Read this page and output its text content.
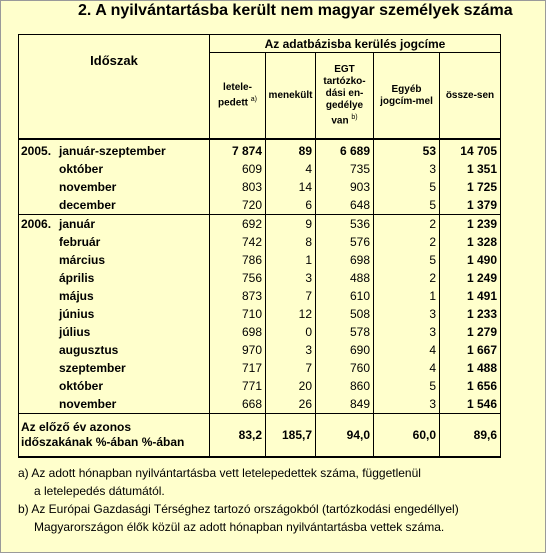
2. A nyilvántartásba került nem magyar személyek száma
Időszak	Az adatbázisba kerülés jogcíme				
	letele-pedett $^{a)}$	menekült	EGT tartózko-dási en-gedélye van $^{b)}$	Egyéb jogcím-mel	össze-sen
2005. január-szeptember	7 874	89	6 689	53	14 705
október	609	4	735	3	1 351
november	803	14	903	5	1 725
december	720	6	648	5	1 379
2006. január	692	9	536	2	1 239
február	742	8	576	2	1 328
március	786	1	698	5	1 490
április	756	3	488	2	1 249
május	873	7	610	1	1 491
június	710	12	508	3	1 233
július	698	0	578	3	1 279
augusztus	970	3	690	4	1 667
szeptember	717	7	760	4	1 488
október	771	20	860	5	1 656
november	668	26	849	3	1 546

Az előző év azonos
időszakának %-ában %-ában	83,2	185,7	94,0	60,0	89,6
a) Az adott hónapban nyilvántartásba vett letelepedettek száma, függetlenül
a letelepedés dátumától.
b) Az Európai Gazdasági Térséghez tartozó országokból (tartózkodási engedéllyel)
Magyarországon élők közül az adott hónapban nyilvántartásba vettek száma.
